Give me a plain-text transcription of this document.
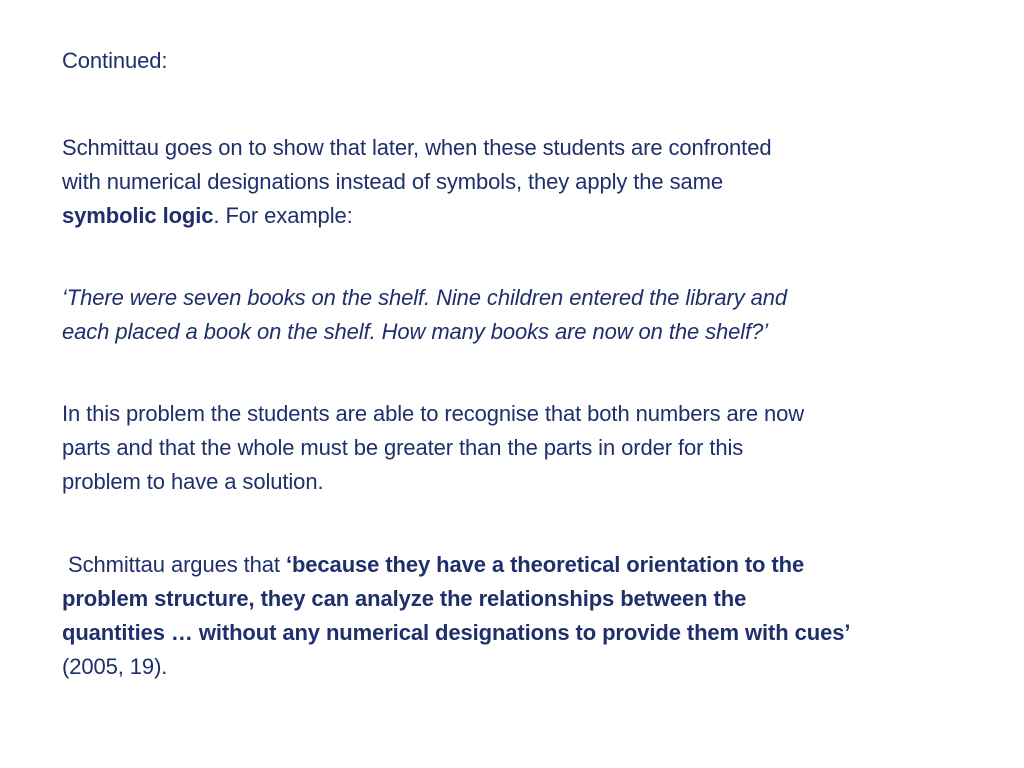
Continued:

Schmittau goes on to show that later, when these students are confronted
with numerical designations instead of symbols, they apply the same
symbolic logic. For example:

‘There were seven books on the shelf. Nine children entered the library and
each placed a book on the shelf. How many books are now on the shelf?’

In this problem the students are able to recognise that both numbers are now
parts and that the whole must be greater than the parts in order for this
problem to have a solution.

Schmittau argues that ‘because they have a theoretical orientation to the
problem structure, they can analyze the relationships between the
quantities … without any numerical designations to provide them with cues’
(2005, 19).
